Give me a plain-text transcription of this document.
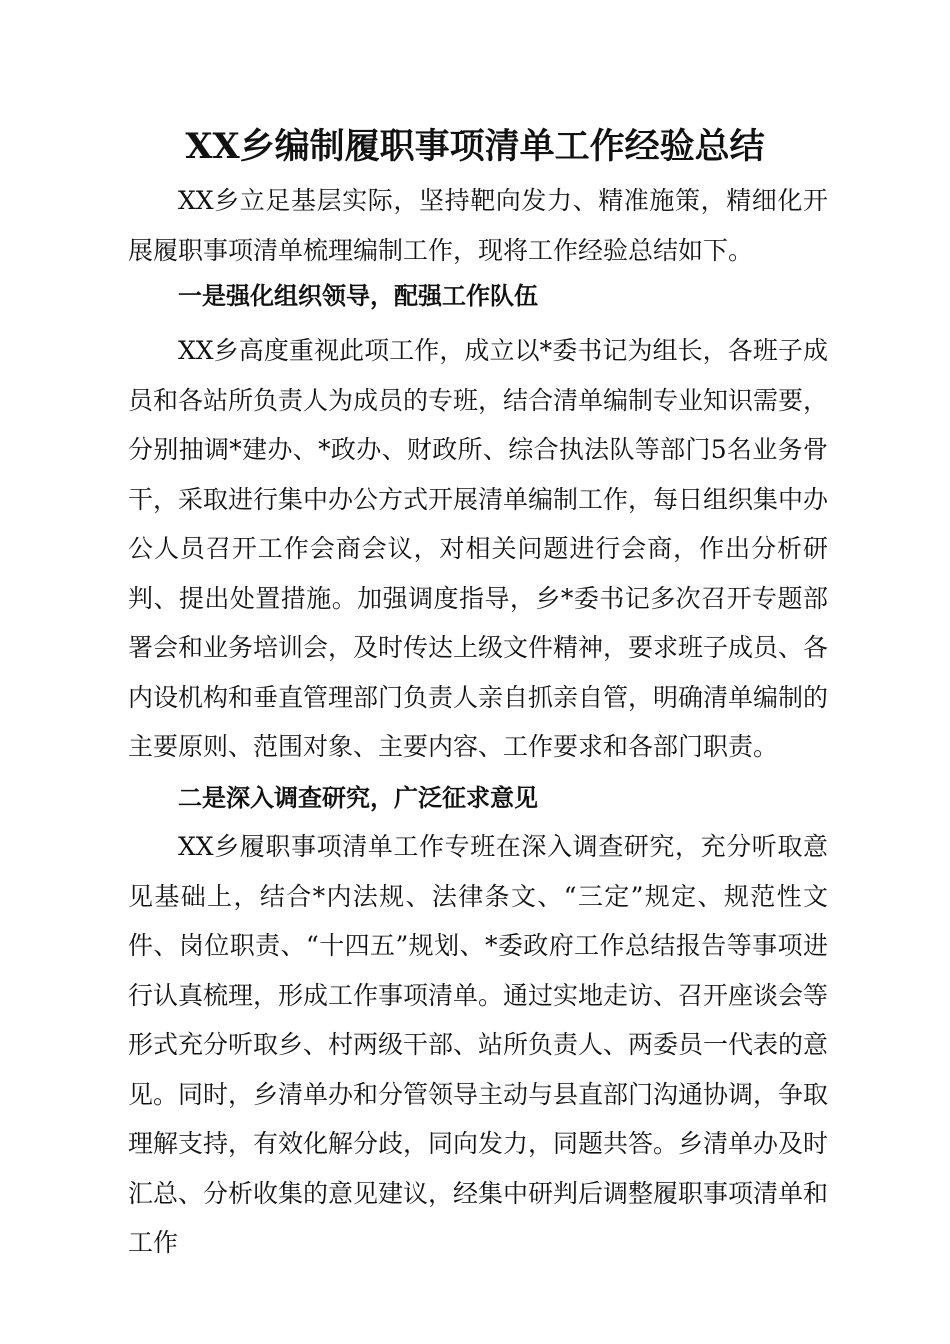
XX乡编制履职事项清单工作经验总结

XX乡立足基层实际，坚持靶向发力、精准施策，精细化开展履职事项清单梳理编制工作，现将工作经验总结如下。

一是强化组织领导，配强工作队伍

XX乡高度重视此项工作，成立以*委书记为组长，各班子成员和各站所负责人为成员的专班，结合清单编制专业知识需要，分别抽调*建办、*政办、财政所、综合执法队等部门5名业务骨干，采取进行集中办公方式开展清单编制工作，每日组织集中办公人员召开工作会商会议，对相关问题进行会商，作出分析研判、提出处置措施。加强调度指导，乡*委书记多次召开专题部署会和业务培训会，及时传达上级文件精神，要求班子成员、各内设机构和垂直管理部门负责人亲自抓亲自管，明确清单编制的主要原则、范围对象、主要内容、工作要求和各部门职责。

二是深入调查研究，广泛征求意见

XX乡履职事项清单工作专班在深入调查研究，充分听取意见基础上，结合*内法规、法律条文、“三定”规定、规范性文件、岗位职责、“十四五”规划、*委政府工作总结报告等事项进行认真梳理，形成工作事项清单。通过实地走访、召开座谈会等形式充分听取乡、村两级干部、站所负责人、两委员一代表的意见。同时，乡清单办和分管领导主动与县直部门沟通协调，争取理解支持，有效化解分歧，同向发力，同题共答。乡清单办及时汇总、分析收集的意见建议，经集中研判后调整履职事项清单和工作
